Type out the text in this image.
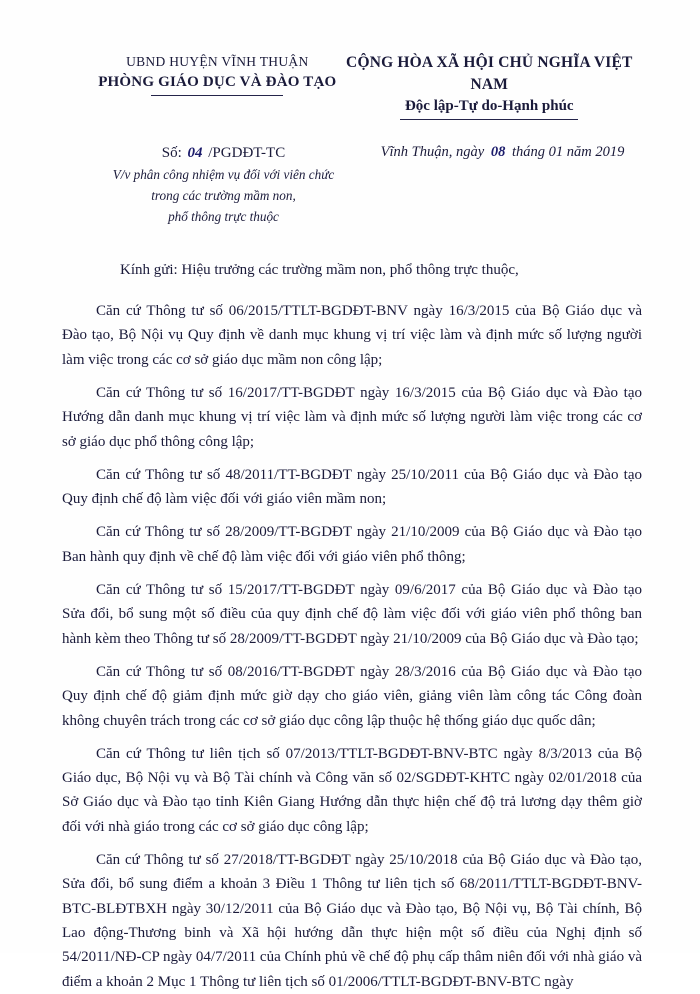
UBND HUYỆN VĨNH THUẬN
PHÒNG GIÁO DỤC VÀ ĐÀO TẠO
CỘNG HÒA XÃ HỘI CHỦ NGHĨA VIỆT NAM
Độc lập-Tự do-Hạnh phúc
Số: 04 /PGDĐT-TC
V/v phân công nhiệm vụ đối với viên chức
trong các trường mầm non,
phổ thông trực thuộc
Vĩnh Thuận, ngày 08 tháng 01 năm 2019
Kính gửi: Hiệu trưởng các trường mầm non, phổ thông trực thuộc,

Căn cứ Thông tư số 06/2015/TTLT-BGDĐT-BNV ngày 16/3/2015 của Bộ Giáo dục và Đào tạo, Bộ Nội vụ Quy định về danh mục khung vị trí việc làm và định mức số lượng người làm việc trong các cơ sở giáo dục mầm non công lập;

Căn cứ Thông tư số 16/2017/TT-BGDĐT ngày 16/3/2015 của Bộ Giáo dục và Đào tạo Hướng dẫn danh mục khung vị trí việc làm và định mức số lượng người làm việc trong các cơ sở giáo dục phổ thông công lập;

Căn cứ Thông tư số 48/2011/TT-BGDĐT ngày 25/10/2011 của Bộ Giáo dục và Đào tạo Quy định chế độ làm việc đối với giáo viên mầm non;

Căn cứ Thông tư số 28/2009/TT-BGDĐT ngày 21/10/2009 của Bộ Giáo dục và Đào tạo Ban hành quy định về chế độ làm việc đối với giáo viên phổ thông;

Căn cứ Thông tư số 15/2017/TT-BGDĐT ngày 09/6/2017 của Bộ Giáo dục và Đào tạo Sửa đổi, bổ sung một số điều của quy định chế độ làm việc đối với giáo viên phổ thông ban hành kèm theo Thông tư số 28/2009/TT-BGDĐT ngày 21/10/2009 của Bộ Giáo dục và Đào tạo;

Căn cứ Thông tư số 08/2016/TT-BGDĐT ngày 28/3/2016 của Bộ Giáo dục và Đào tạo Quy định chế độ giảm định mức giờ dạy cho giáo viên, giảng viên làm công tác Công đoàn không chuyên trách trong các cơ sở giáo dục công lập thuộc hệ thống giáo dục quốc dân;

Căn cứ Thông tư liên tịch số 07/2013/TTLT-BGDĐT-BNV-BTC ngày 8/3/2013 của Bộ Giáo dục, Bộ Nội vụ và Bộ Tài chính và Công văn số 02/SGDĐT-KHTC ngày 02/01/2018 của Sở Giáo dục và Đào tạo tỉnh Kiên Giang Hướng dẫn thực hiện chế độ trả lương dạy thêm giờ đối với nhà giáo trong các cơ sở giáo dục công lập;

Căn cứ Thông tư số 27/2018/TT-BGDĐT ngày 25/10/2018 của Bộ Giáo dục và Đào tạo, Sửa đổi, bổ sung điểm a khoản 3 Điều 1 Thông tư liên tịch số 68/2011/TTLT-BGDĐT-BNV-BTC-BLĐTBXH ngày 30/12/2011 của Bộ Giáo dục và Đào tạo, Bộ Nội vụ, Bộ Tài chính, Bộ Lao động-Thương binh và Xã hội hướng dẫn thực hiện một số điều của Nghị định số 54/2011/NĐ-CP ngày 04/7/2011 của Chính phủ về chế độ phụ cấp thâm niên đối với nhà giáo và điểm a khoản 2 Mục 1 Thông tư liên tịch số 01/2006/TTLT-BGDĐT-BNV-BTC ngày
